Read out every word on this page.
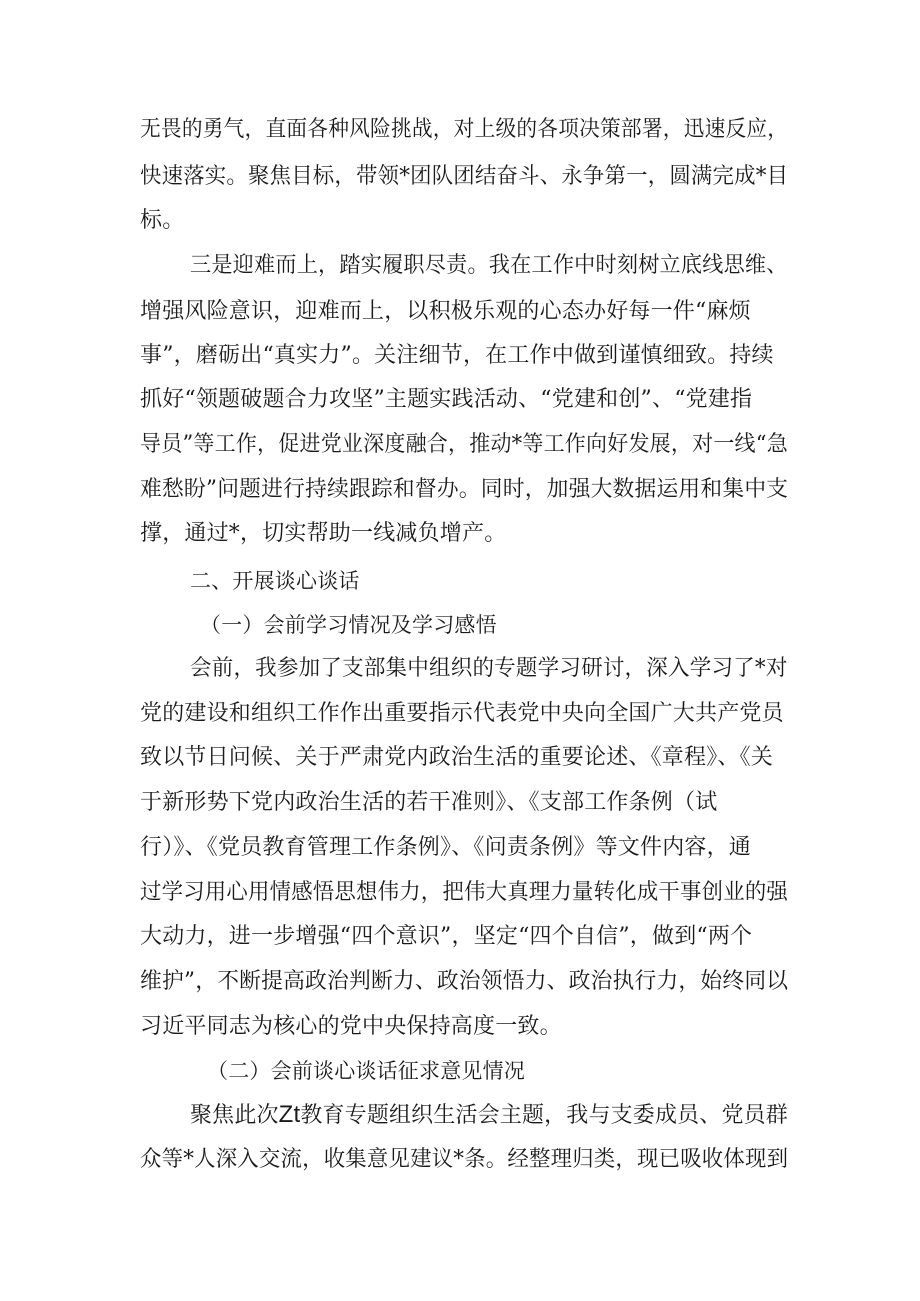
无畏的勇气，直面各种风险挑战，对上级的各项决策部署，迅速反应，
快速落实。聚焦目标，带领*团队团结奋斗、永争第一，圆满完成*目
标。
三是迎难而上，踏实履职尽责。我在工作中时刻树立底线思维、
增强风险意识，迎难而上，以积极乐观的心态办好每一件“麻烦
事”，磨砺出“真实力”。关注细节，在工作中做到谨慎细致。持续
抓好“领题破题合力攻坚”主题实践活动、“党建和创”、“党建指
导员”等工作，促进党业深度融合，推动*等工作向好发展，对一线“急
难愁盼”问题进行持续跟踪和督办。同时，加强大数据运用和集中支
撑，通过*，切实帮助一线减负增产。
二、开展谈心谈话
（一）会前学习情况及学习感悟
会前，我参加了支部集中组织的专题学习研讨，深入学习了*对
党的建设和组织工作作出重要指示代表党中央向全国广大共产党员
致以节日问候、关于严肃党内政治生活的重要论述、《章程》、《关
于新形势下党内政治生活的若干准则》、《支部工作条例（试
行）》、《党员教育管理工作条例》、《问责条例》等文件内容，通
过学习用心用情感悟思想伟力，把伟大真理力量转化成干事创业的强
大动力，进一步增强“四个意识”，坚定“四个自信”，做到“两个
维护”，不断提高政治判断力、政治领悟力、政治执行力，始终同以
习近平同志为核心的党中央保持高度一致。
（二）会前谈心谈话征求意见情况
聚焦此次Zt教育专题组织生活会主题，我与支委成员、党员群
众等*人深入交流，收集意见建议*条。经整理归类，现已吸收体现到
